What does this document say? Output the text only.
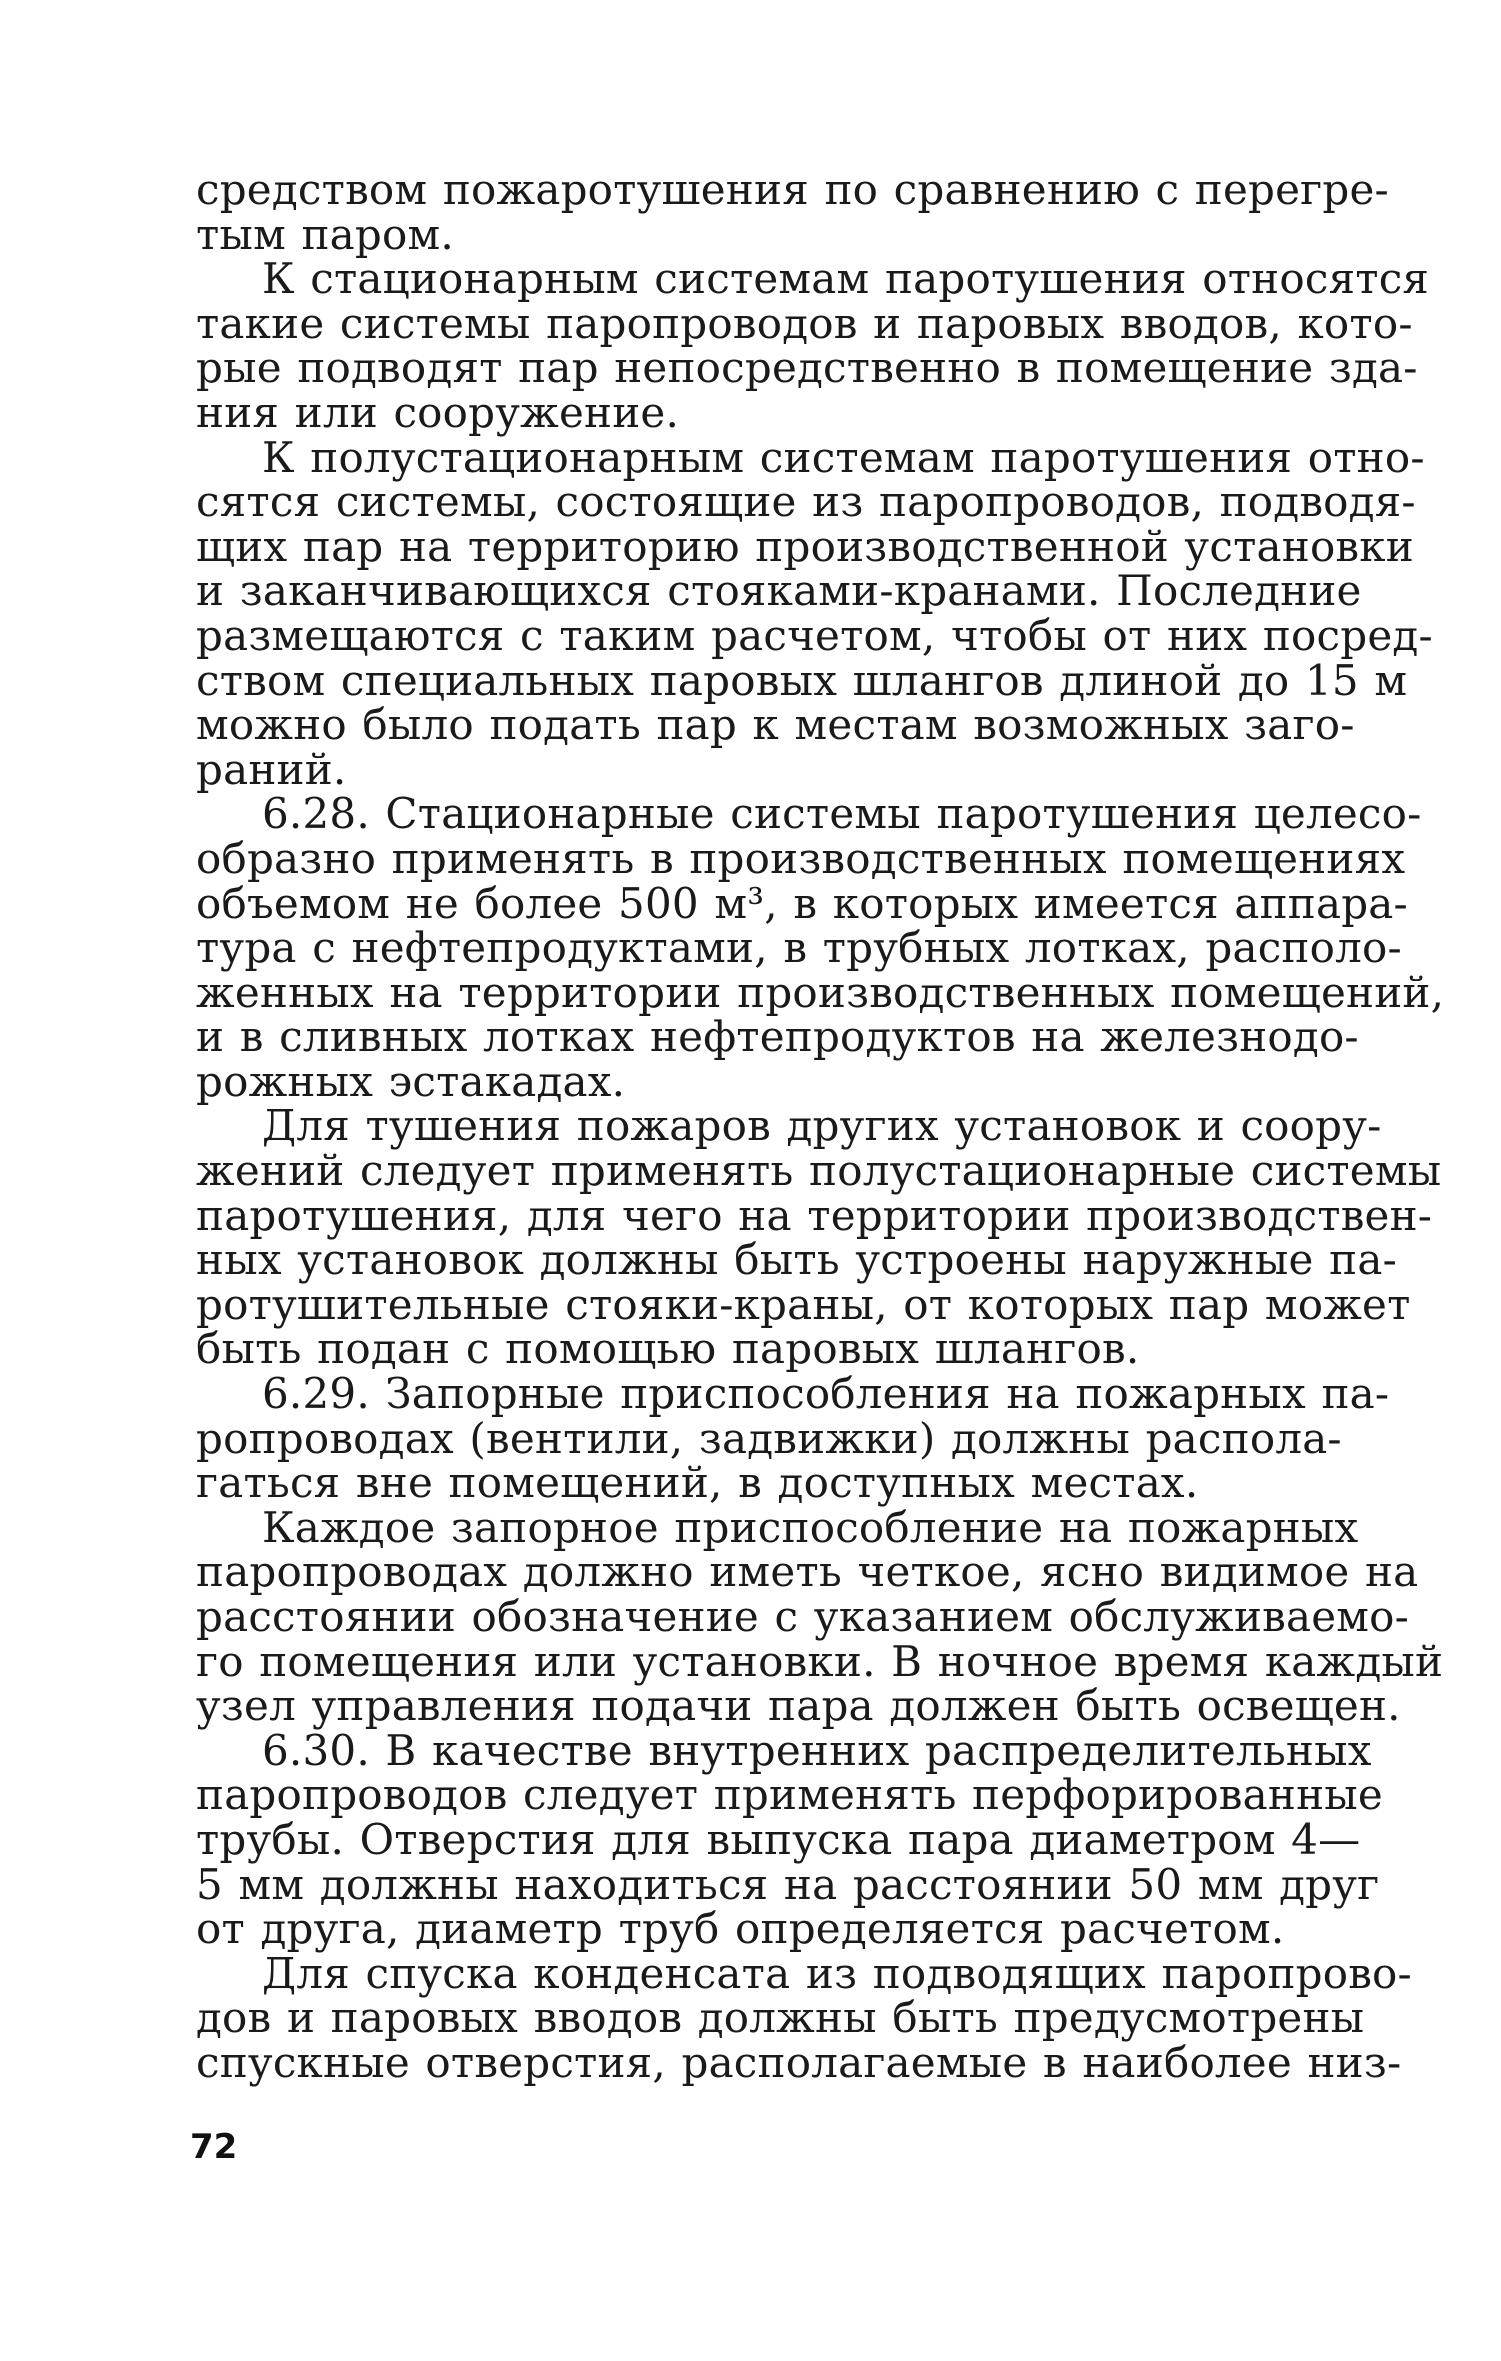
средством пожаротушения по сравнению с перегре-
тым паром.
К стационарным системам паротушения относятся
такие системы паропроводов и паровых вводов, кото-
рые подводят пар непосредственно в помещение зда-
ния или сооружение.
К полустационарным системам паротушения отно-
сятся системы, состоящие из паропроводов, подводя-
щих пар на территорию производственной установки
и заканчивающихся стояками-кранами. Последние
размещаются с таким расчетом, чтобы от них посред-
ством специальных паровых шлангов длиной до 15 м
можно было подать пар к местам возможных заго-
раний.
6.28. Стационарные системы паротушения целесо-
образно применять в производственных помещениях
объемом не более 500 м³, в которых имеется аппара-
тура с нефтепродуктами, в трубных лотках, располо-
женных на территории производственных помещений,
и в сливных лотках нефтепродуктов на железнодо-
рожных эстакадах.
Для тушения пожаров других установок и соору-
жений следует применять полустационарные системы
паротушения, для чего на территории производствен-
ных установок должны быть устроены наружные па-
ротушительные стояки-краны, от которых пар может
быть подан с помощью паровых шлангов.
6.29. Запорные приспособления на пожарных па-
ропроводах (вентили, задвижки) должны распола-
гаться вне помещений, в доступных местах.
Каждое запорное приспособление на пожарных
паропроводах должно иметь четкое, ясно видимое на
расстоянии обозначение с указанием обслуживаемо-
го помещения или установки. В ночное время каждый
узел управления подачи пара должен быть освещен.
6.30. В качестве внутренних распределительных
паропроводов следует применять перфорированные
трубы. Отверстия для выпуска пара диаметром 4—
5 мм должны находиться на расстоянии 50 мм друг
от друга, диаметр труб определяется расчетом.
Для спуска конденсата из подводящих паропрово-
дов и паровых вводов должны быть предусмотрены
спускные отверстия, располагаемые в наиболее низ-
72
